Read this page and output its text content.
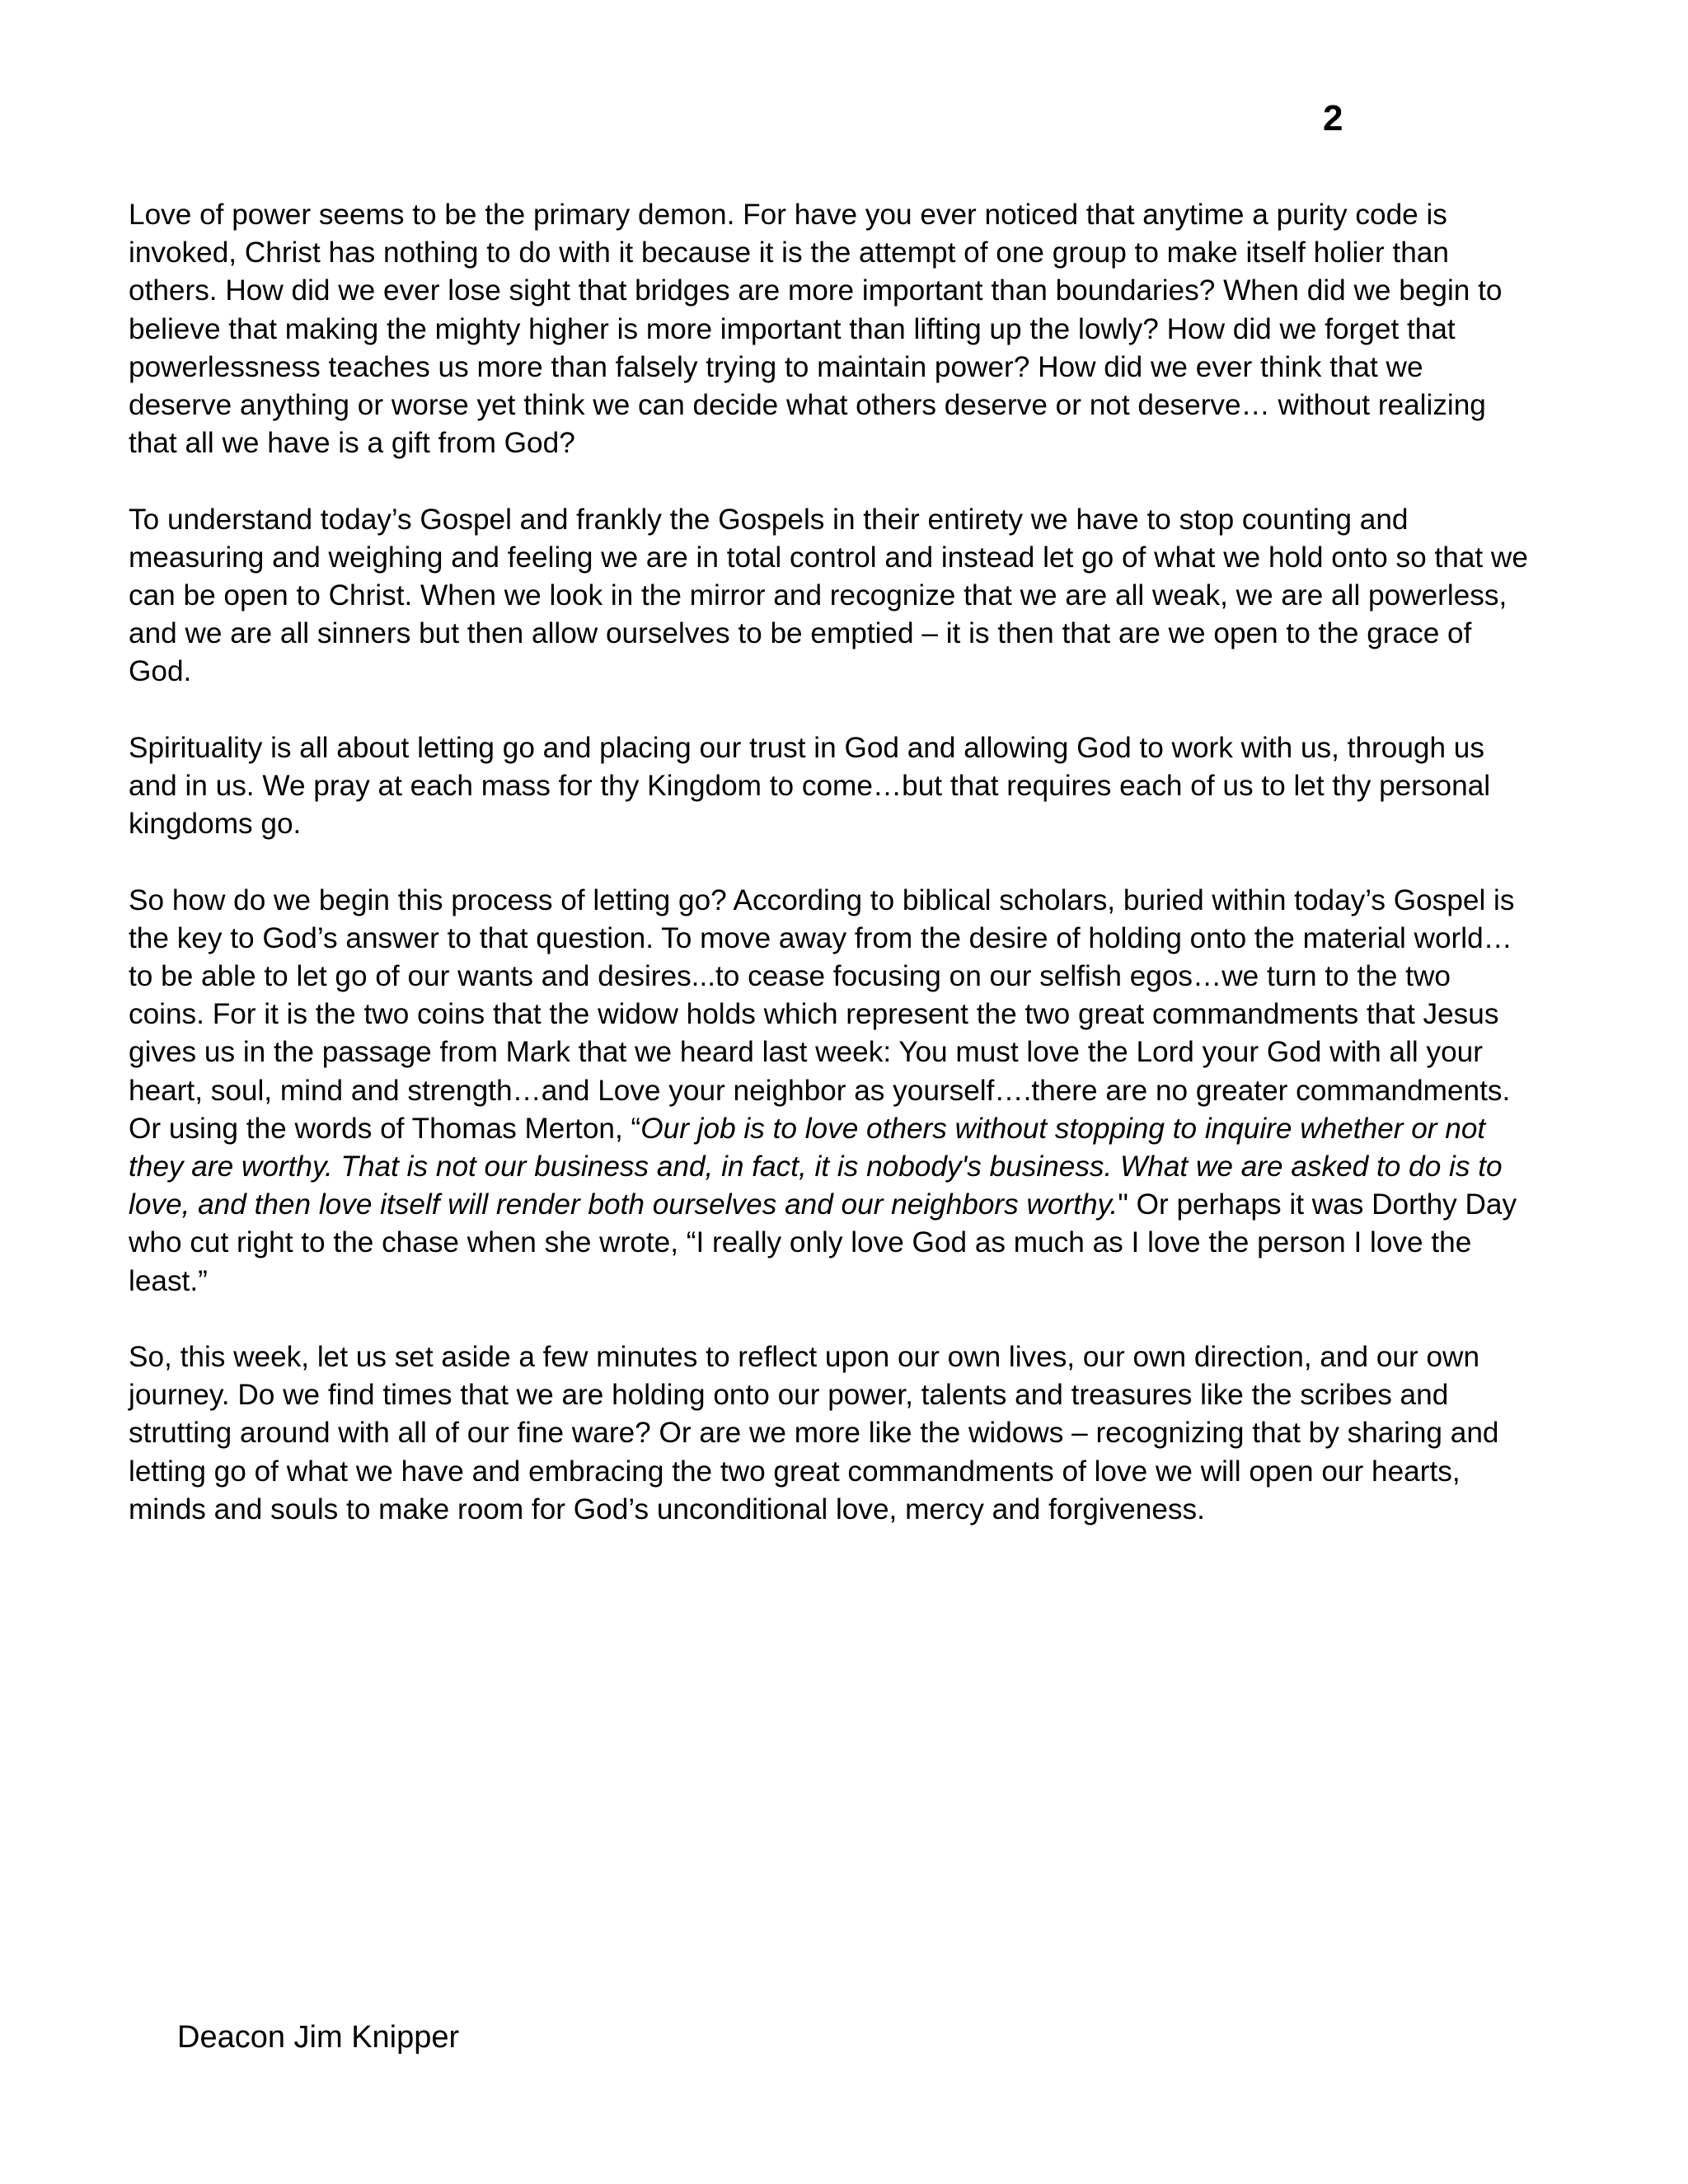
2

Love of power seems to be the primary demon. For have you ever noticed that anytime a purity code is invoked, Christ has nothing to do with it because it is the attempt of one group to make itself holier than others. How did we ever lose sight that bridges are more important than boundaries? When did we begin to believe that making the mighty higher is more important than lifting up the lowly? How did we forget that powerlessness teaches us more than falsely trying to maintain power? How did we ever think that we deserve anything or worse yet think we can decide what others deserve or not deserve… without realizing that all we have is a gift from God?

To understand today’s Gospel and frankly the Gospels in their entirety we have to stop counting and measuring and weighing and feeling we are in total control and instead let go of what we hold onto so that we can be open to Christ. When we look in the mirror and recognize that we are all weak, we are all powerless, and we are all sinners but then allow ourselves to be emptied – it is then that are we open to the grace of God.

Spirituality is all about letting go and placing our trust in God and allowing God to work with us, through us and in us. We pray at each mass for thy Kingdom to come…but that requires each of us to let thy personal kingdoms go.

So how do we begin this process of letting go? According to biblical scholars, buried within today’s Gospel is the key to God’s answer to that question. To move away from the desire of holding onto the material world…to be able to let go of our wants and desires...to cease focusing on our selfish egos…we turn to the two coins. For it is the two coins that the widow holds which represent the two great commandments that Jesus gives us in the passage from Mark that we heard last week: You must love the Lord your God with all your heart, soul, mind and strength…and Love your neighbor as yourself….there are no greater commandments. Or using the words of Thomas Merton, “Our job is to love others without stopping to inquire whether or not they are worthy. That is not our business and, in fact, it is nobody's business. What we are asked to do is to love, and then love itself will render both ourselves and our neighbors worthy." Or perhaps it was Dorthy Day who cut right to the chase when she wrote, “I really only love God as much as I love the person I love the least.”

So, this week, let us set aside a few minutes to reflect upon our own lives, our own direction, and our own journey. Do we find times that we are holding onto our power, talents and treasures like the scribes and strutting around with all of our fine ware? Or are we more like the widows – recognizing that by sharing and letting go of what we have and embracing the two great commandments of love we will open our hearts, minds and souls to make room for God’s unconditional love, mercy and forgiveness.

Deacon Jim Knipper
